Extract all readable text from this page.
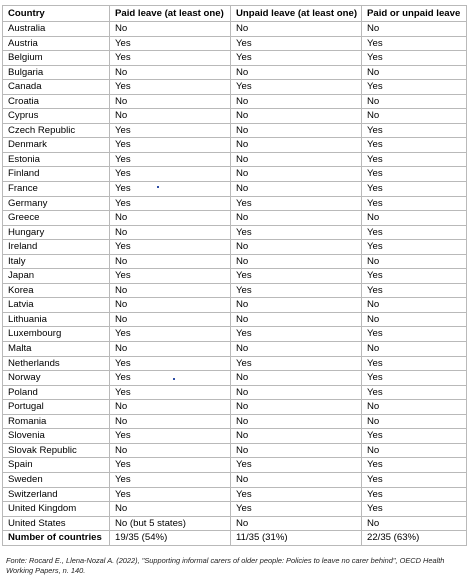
Country	Paid leave (at least one)	Unpaid leave (at least one)	Paid or unpaid leave
Australia	No	No	No
Austria	Yes	Yes	Yes
Belgium	Yes	Yes	Yes
Bulgaria	No	No	No
Canada	Yes	Yes	Yes
Croatia	No	No	No
Cyprus	No	No	No
Czech Republic	Yes	No	Yes
Denmark	Yes	No	Yes
Estonia	Yes	No	Yes
Finland	Yes	No	Yes
France	Yes	No	Yes
Germany	Yes	Yes	Yes
Greece	No	No	No
Hungary	No	Yes	Yes
Ireland	Yes	No	Yes
Italy	No	No	No
Japan	Yes	Yes	Yes
Korea	No	Yes	Yes
Latvia	No	No	No
Lithuania	No	No	No
Luxembourg	Yes	Yes	Yes
Malta	No	No	No
Netherlands	Yes	Yes	Yes
Norway	Yes	No	Yes
Poland	Yes	No	Yes
Portugal	No	No	No
Romania	No	No	No
Slovenia	Yes	No	Yes
Slovak Republic	No	No	No
Spain	Yes	Yes	Yes
Sweden	Yes	No	Yes
Switzerland	Yes	Yes	Yes
United Kingdom	No	Yes	Yes
United States	No (but 5 states)	No	No
Number of countries	19/35 (54%)	11/35 (31%)	22/35 (63%)
Fonte: Rocard E., Llena-Nozal A. (2022), "Supporting informal carers of older people: Policies to leave no carer behind", OECD Health Working Papers, n. 140.
